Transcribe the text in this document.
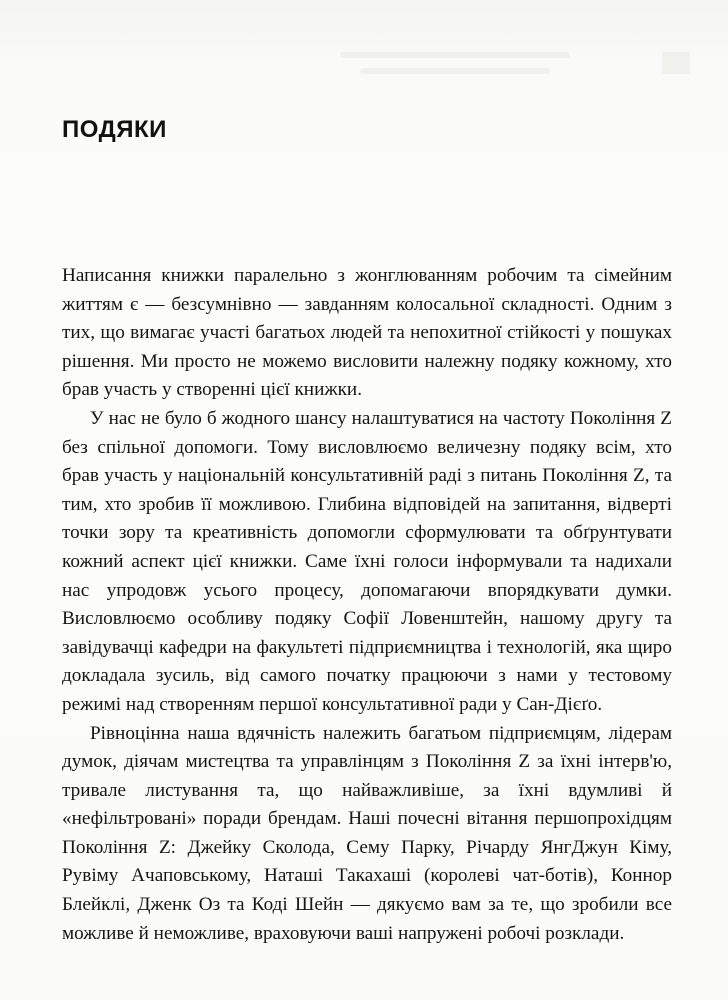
ПОДЯКИ

Написання книжки паралельно з жонглюванням робочим та сімейним життям є — безсумнівно — завданням колосальної складності. Одним з тих, що вимагає участі багатьох людей та непохитної стійкості у пошуках рішення. Ми просто не можемо висловити належну подяку кожному, хто брав участь у створенні цієї книжки.

У нас не було б жодного шансу налаштуватися на частоту Покоління Z без спільної допомоги. Тому висловлюємо величезну подяку всім, хто брав участь у національній консультативній раді з питань Покоління Z, та тим, хто зробив її можливою. Глибина відповідей на запитання, відверті точки зору та креативність допомогли сформулювати та обґрунтувати кожний аспект цієї книжки. Саме їхні голоси інформували та надихали нас упродовж усього процесу, допомагаючи впорядкувати думки. Висловлюємо особливу подяку Софії Ловенштейн, нашому другу та завідувачці кафедри на факультеті підприємництва і технологій, яка щиро докладала зусиль, від самого початку працюючи з нами у тестовому режимі над створенням першої консультативної ради у Сан-Дієґо.

Рівноцінна наша вдячність належить багатьом підприємцям, лідерам думок, діячам мистецтва та управлінцям з Покоління Z за їхні інтерв'ю, тривале листування та, що найважливіше, за їхні вдумливі й «нефільтровані» поради брендам. Наші почесні вітання першопрохідцям Покоління Z: Джейку Сколода, Сему Парку, Річарду ЯнгДжун Кіму, Рувіму Ачаповському, Наташі Такахаші (королеві чат-ботів), Коннор Блейклі, Дженк Оз та Коді Шейн — дякуємо вам за те, що зробили все можливе й неможливе, враховуючи ваші напружені робочі розклади.
